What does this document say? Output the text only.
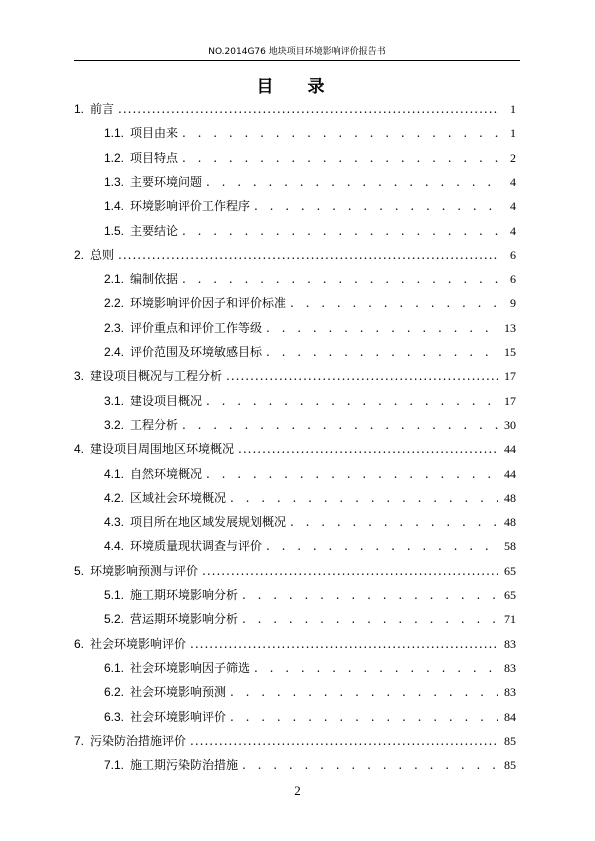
NO.2014G76 地块项目环境影响评价报告书
目 录
1. 前言 .....	1
1.1. 项目由来 . . .	1
1.2. 项目特点 . . .	2
1.3. 主要环境问题 . . .	4
1.4. 环境影响评价工作程序 . . .	4
1.5. 主要结论 . . .	4
2. 总则 .....	6
2.1. 编制依据 . . .	6
2.2. 环境影响评价因子和评价标准 . . .	9
2.3. 评价重点和评价工作等级 . . .	13
2.4. 评价范围及环境敏感目标 . . .	15
3. 建设项目概况与工程分析 .....	17
3.1. 建设项目概况 . . .	17
3.2. 工程分析 . . .	30
4. 建设项目周围地区环境概况 .....	44
4.1. 自然环境概况 . . .	44
4.2. 区域社会环境概况 . . .	48
4.3. 项目所在地区域发展规划概况 . . .	48
4.4. 环境质量现状调查与评价 . . .	58
5. 环境影响预测与评价 .....	65
5.1. 施工期环境影响分析 . . .	65
5.2. 营运期环境影响分析 . . .	71
6. 社会环境影响评价 .....	83
6.1. 社会环境影响因子筛选 . . .	83
6.2. 社会环境影响预测 . . .	83
6.3. 社会环境影响评价 . . .	84
7. 污染防治措施评价 .....	85
7.1. 施工期污染防治措施 . . .	85
2
